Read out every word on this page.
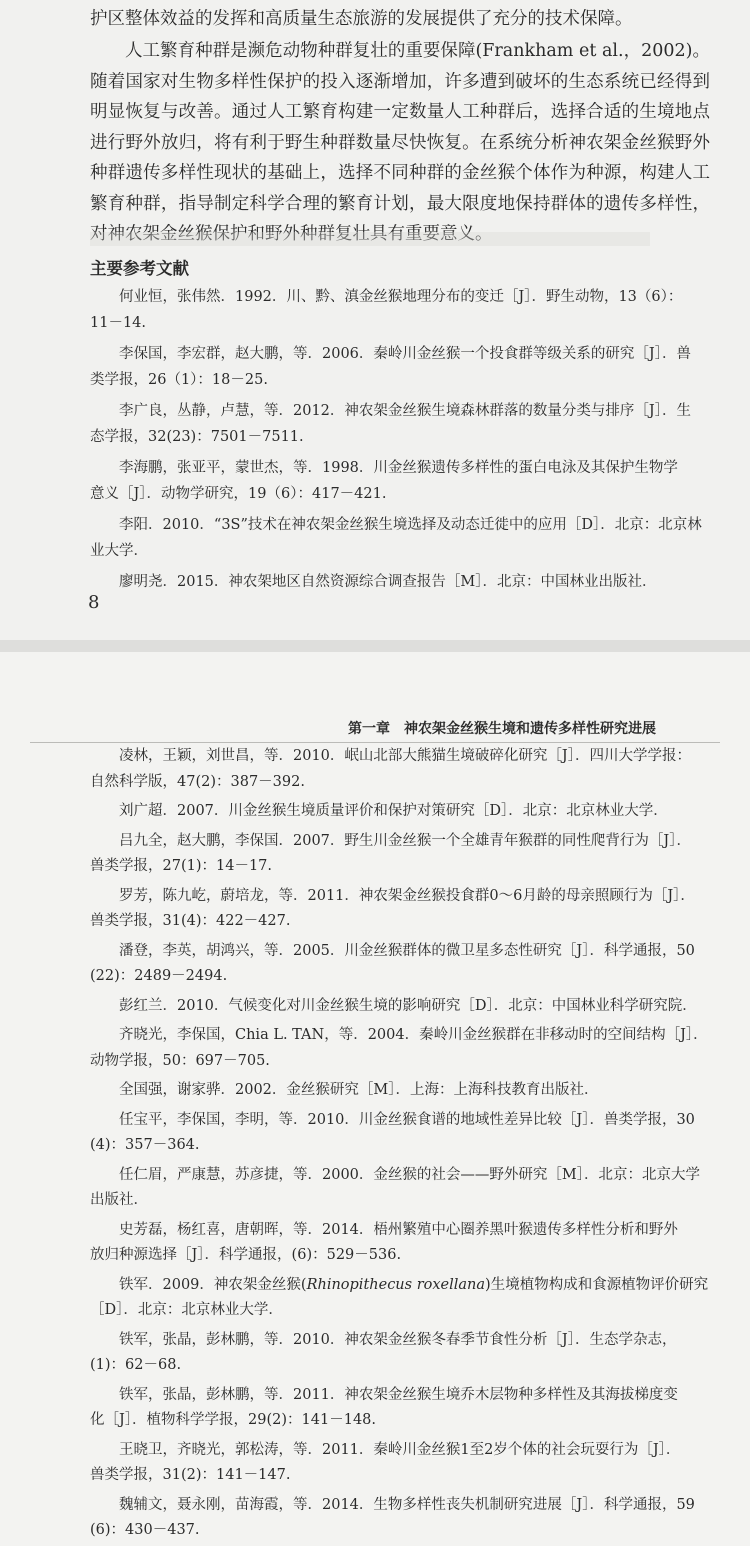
护区整体效益的发挥和高质量生态旅游的发展提供了充分的技术保障。

人工繁育种群是濒危动物种群复壮的重要保障(Frankham et al.，2002)。随着国家对生物多样性保护的投入逐渐增加，许多遭到破坏的生态系统已经得到明显恢复与改善。通过人工繁育构建一定数量人工种群后，选择合适的生境地点进行野外放归，将有利于野生种群数量尽快恢复。在系统分析神农架金丝猴野外种群遗传多样性现状的基础上，选择不同种群的金丝猴个体作为种源，构建人工繁育种群，指导制定科学合理的繁育计划，最大限度地保持群体的遗传多样性，对神农架金丝猴保护和野外种群复壮具有重要意义。

主要参考文献
何业恒，张伟然．1992．川、黔、滇金丝猴地理分布的变迁［J］．野生动物，13（6）：
11－14.
李保国，李宏群，赵大鹏，等．2006．秦岭川金丝猴一个投食群等级关系的研究［J］．兽
类学报，26（1）：18－25.
李广良，丛静，卢慧，等．2012．神农架金丝猴生境森林群落的数量分类与排序［J］．生
态学报，32(23)：7501－7511.
李海鹏，张亚平，蒙世杰，等．1998．川金丝猴遗传多样性的蛋白电泳及其保护生物学
意义［J］．动物学研究，19（6）：417－421.
李阳．2010．“3S”技术在神农架金丝猴生境选择及动态迁徙中的应用［D］．北京：北京林
业大学．
廖明尧．2015．神农架地区自然资源综合调查报告［M］．北京：中国林业出版社．
8
第一章　神农架金丝猴生境和遗传多样性研究进展
凌林，王颖，刘世昌，等．2010．岷山北部大熊猫生境破碎化研究［J］．四川大学学报：
自然科学版，47(2)：387－392.
刘广超．2007．川金丝猴生境质量评价和保护对策研究［D］．北京：北京林业大学．
吕九全，赵大鹏，李保国．2007．野生川金丝猴一个全雄青年猴群的同性爬背行为［J］．
兽类学报，27(1)：14－17.
罗芳，陈九屹，蔚培龙，等．2011．神农架金丝猴投食群0～6月龄的母亲照顾行为［J］．
兽类学报，31(4)：422－427.
潘登，李英，胡鸿兴，等．2005．川金丝猴群体的微卫星多态性研究［J］．科学通报，50
(22)：2489－2494.
彭红兰．2010．气候变化对川金丝猴生境的影响研究［D］．北京：中国林业科学研究院．
齐晓光，李保国，Chia L. TAN，等．2004．秦岭川金丝猴群在非移动时的空间结构［J］．
动物学报，50：697－705.
全国强，谢家骅．2002．金丝猴研究［M］．上海：上海科技教育出版社．
任宝平，李保国，李明，等．2010．川金丝猴食谱的地域性差异比较［J］．兽类学报，30
(4)：357－364.
任仁眉，严康慧，苏彦捷，等．2000．金丝猴的社会——野外研究［M］．北京：北京大学
出版社．
史芳磊，杨红喜，唐朝晖，等．2014．梧州繁殖中心圈养黑叶猴遗传多样性分析和野外
放归种源选择［J］．科学通报，(6)：529－536.
铁军．2009．神农架金丝猴(Rhinopithecus roxellana)生境植物构成和食源植物评价研究
［D］．北京：北京林业大学．
铁军，张晶，彭林鹏，等．2010．神农架金丝猴冬春季节食性分析［J］．生态学杂志，
(1)：62－68.
铁军，张晶，彭林鹏，等．2011．神农架金丝猴生境乔木层物种多样性及其海拔梯度变
化［J］．植物科学学报，29(2)：141－148.
王晓卫，齐晓光，郭松涛，等．2011．秦岭川金丝猴1至2岁个体的社会玩耍行为［J］．
兽类学报，31(2)：141－147.
魏辅文，聂永刚，苗海霞，等．2014．生物多样性丧失机制研究进展［J］．科学通报，59
(6)：430－437.
